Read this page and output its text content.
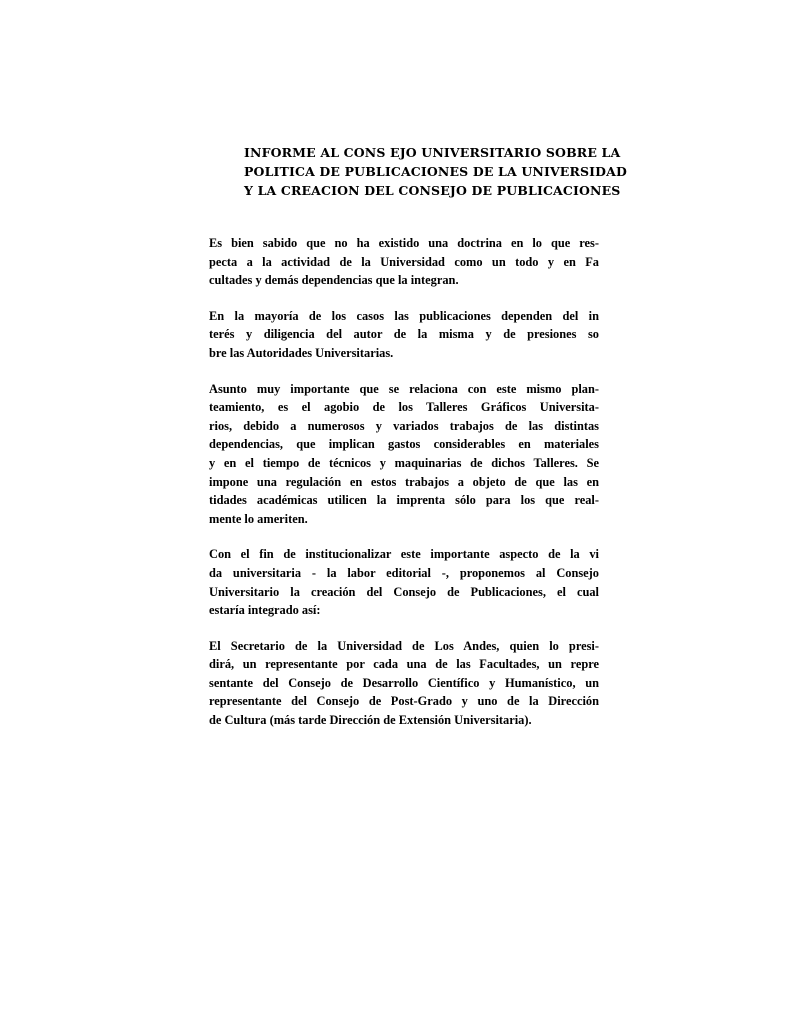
INFORME AL CONS EJO UNIVERSITARIO SOBRE LA
POLITICA DE PUBLICACIONES DE LA UNIVERSIDAD
Y LA CREACION DEL CONSEJO DE PUBLICACIONES

Es bien sabido que no ha existido una doctrina en lo que res-
pecta a la actividad de la Universidad como un todo y en Fa
cultades y demás dependencias que la integran.

En la mayoría de los casos las publicaciones dependen del in
terés y diligencia del autor de la misma y de presiones so
bre las Autoridades Universitarias.

Asunto muy importante que se relaciona con este mismo plan-
teamiento, es el agobio de los Talleres Gráficos Universita-
rios, debido a numerosos y variados trabajos de las distintas
dependencias, que implican gastos considerables en materiales
y en el tiempo de técnicos y maquinarias de dichos Talleres. Se
impone una regulación en estos trabajos a objeto de que las en
tidades académicas utilicen la imprenta sólo para los que real-
mente lo ameriten.

Con el fin de institucionalizar este importante aspecto de la vi
da universitaria - la labor editorial -, proponemos al Consejo
Universitario la creación del Consejo de Publicaciones, el cual
estaría integrado así:

El Secretario de la Universidad de Los Andes, quien lo presi-
dirá, un representante por cada una de las Facultades, un repre
sentante del Consejo de Desarrollo Científico y Humanístico, un
representante del Consejo de Post-Grado y uno de la Dirección
de Cultura (más tarde Dirección de Extensión Universitaria).
